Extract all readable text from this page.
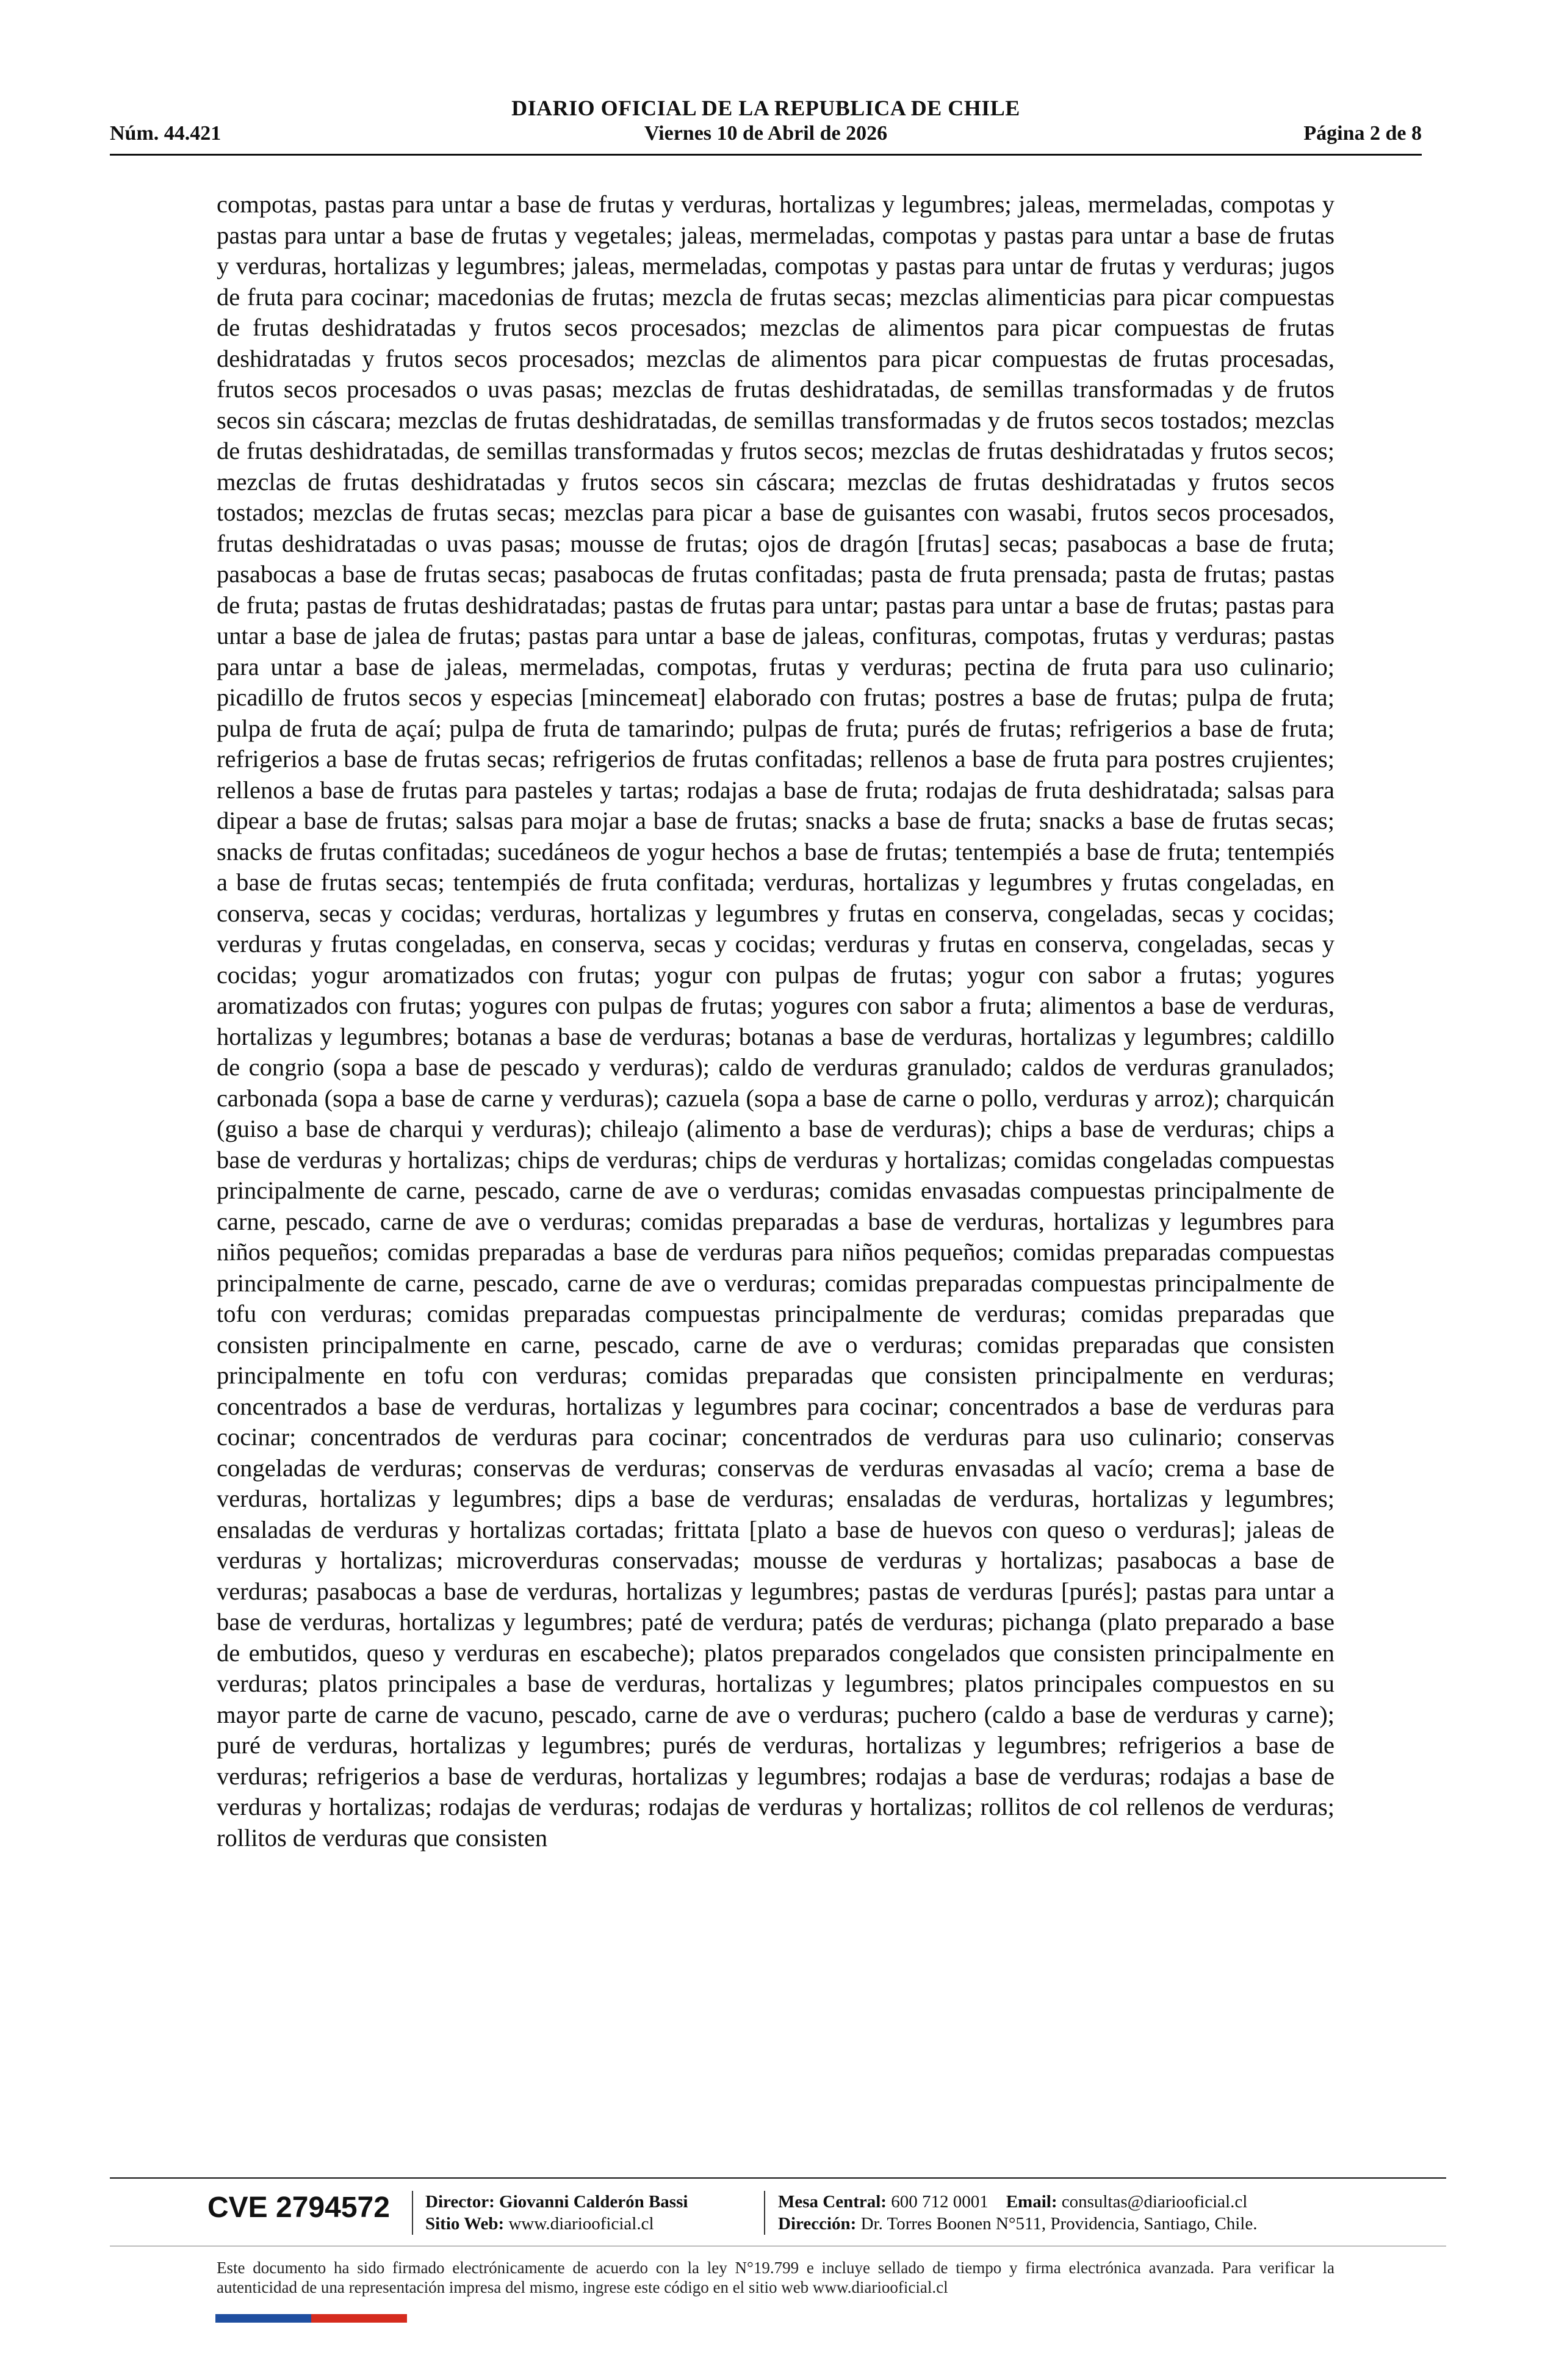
DIARIO OFICIAL DE LA REPUBLICA DE CHILE
Núm. 44.421	Viernes 10 de Abril de 2026	Página 2 de 8
compotas, pastas para untar a base de frutas y verduras, hortalizas y legumbres; jaleas, mermeladas, compotas y pastas para untar a base de frutas y vegetales; jaleas, mermeladas, compotas y pastas para untar a base de frutas y verduras, hortalizas y legumbres; jaleas, mermeladas, compotas y pastas para untar de frutas y verduras; jugos de fruta para cocinar; macedonias de frutas; mezcla de frutas secas; mezclas alimenticias para picar compuestas de frutas deshidratadas y frutos secos procesados; mezclas de alimentos para picar compuestas de frutas deshidratadas y frutos secos procesados; mezclas de alimentos para picar compuestas de frutas procesadas, frutos secos procesados o uvas pasas; mezclas de frutas deshidratadas, de semillas transformadas y de frutos secos sin cáscara; mezclas de frutas deshidratadas, de semillas transformadas y de frutos secos tostados; mezclas de frutas deshidratadas, de semillas transformadas y frutos secos; mezclas de frutas deshidratadas y frutos secos; mezclas de frutas deshidratadas y frutos secos sin cáscara; mezclas de frutas deshidratadas y frutos secos tostados; mezclas de frutas secas; mezclas para picar a base de guisantes con wasabi, frutos secos procesados, frutas deshidratadas o uvas pasas; mousse de frutas; ojos de dragón [frutas] secas; pasabocas a base de fruta; pasabocas a base de frutas secas; pasabocas de frutas confitadas; pasta de fruta prensada; pasta de frutas; pastas de fruta; pastas de frutas deshidratadas; pastas de frutas para untar; pastas para untar a base de frutas; pastas para untar a base de jalea de frutas; pastas para untar a base de jaleas, confituras, compotas, frutas y verduras; pastas para untar a base de jaleas, mermeladas, compotas, frutas y verduras; pectina de fruta para uso culinario; picadillo de frutos secos y especias [mincemeat] elaborado con frutas; postres a base de frutas; pulpa de fruta; pulpa de fruta de açaí; pulpa de fruta de tamarindo; pulpas de fruta; purés de frutas; refrigerios a base de fruta; refrigerios a base de frutas secas; refrigerios de frutas confitadas; rellenos a base de fruta para postres crujientes; rellenos a base de frutas para pasteles y tartas; rodajas a base de fruta; rodajas de fruta deshidratada; salsas para dipear a base de frutas; salsas para mojar a base de frutas; snacks a base de fruta; snacks a base de frutas secas; snacks de frutas confitadas; sucedáneos de yogur hechos a base de frutas; tentempiés a base de fruta; tentempiés a base de frutas secas; tentempiés de fruta confitada; verduras, hortalizas y legumbres y frutas congeladas, en conserva, secas y cocidas; verduras, hortalizas y legumbres y frutas en conserva, congeladas, secas y cocidas; verduras y frutas congeladas, en conserva, secas y cocidas; verduras y frutas en conserva, congeladas, secas y cocidas; yogur aromatizados con frutas; yogur con pulpas de frutas; yogur con sabor a frutas; yogures aromatizados con frutas; yogures con pulpas de frutas; yogures con sabor a fruta; alimentos a base de verduras, hortalizas y legumbres; botanas a base de verduras; botanas a base de verduras, hortalizas y legumbres; caldillo de congrio (sopa a base de pescado y verduras); caldo de verduras granulado; caldos de verduras granulados; carbonada (sopa a base de carne y verduras); cazuela (sopa a base de carne o pollo, verduras y arroz); charquicán (guiso a base de charqui y verduras); chileajo (alimento a base de verduras); chips a base de verduras; chips a base de verduras y hortalizas; chips de verduras; chips de verduras y hortalizas; comidas congeladas compuestas principalmente de carne, pescado, carne de ave o verduras; comidas envasadas compuestas principalmente de carne, pescado, carne de ave o verduras; comidas preparadas a base de verduras, hortalizas y legumbres para niños pequeños; comidas preparadas a base de verduras para niños pequeños; comidas preparadas compuestas principalmente de carne, pescado, carne de ave o verduras; comidas preparadas compuestas principalmente de tofu con verduras; comidas preparadas compuestas principalmente de verduras; comidas preparadas que consisten principalmente en carne, pescado, carne de ave o verduras; comidas preparadas que consisten principalmente en tofu con verduras; comidas preparadas que consisten principalmente en verduras; concentrados a base de verduras, hortalizas y legumbres para cocinar; concentrados a base de verduras para cocinar; concentrados de verduras para cocinar; concentrados de verduras para uso culinario; conservas congeladas de verduras; conservas de verduras; conservas de verduras envasadas al vacío; crema a base de verduras, hortalizas y legumbres; dips a base de verduras; ensaladas de verduras, hortalizas y legumbres; ensaladas de verduras y hortalizas cortadas; frittata [plato a base de huevos con queso o verduras]; jaleas de verduras y hortalizas; microverduras conservadas; mousse de verduras y hortalizas; pasabocas a base de verduras; pasabocas a base de verduras, hortalizas y legumbres; pastas de verduras [purés]; pastas para untar a base de verduras, hortalizas y legumbres; paté de verdura; patés de verduras; pichanga (plato preparado a base de embutidos, queso y verduras en escabeche); platos preparados congelados que consisten principalmente en verduras; platos principales a base de verduras, hortalizas y legumbres; platos principales compuestos en su mayor parte de carne de vacuno, pescado, carne de ave o verduras; puchero (caldo a base de verduras y carne); puré de verduras, hortalizas y legumbres; purés de verduras, hortalizas y legumbres; refrigerios a base de verduras; refrigerios a base de verduras, hortalizas y legumbres; rodajas a base de verduras; rodajas a base de verduras y hortalizas; rodajas de verduras; rodajas de verduras y hortalizas; rollitos de col rellenos de verduras; rollitos de verduras que consisten
CVE 2794572 Director: Giovanni Calderón Bassi
Sitio Web: www.diariooficial.cl
Mesa Central: 600 712 0001 Email: consultas@diariooficial.cl
Dirección: Dr. Torres Boonen N°511, Providencia, Santiago, Chile.
Este documento ha sido firmado electrónicamente de acuerdo con la ley N°19.799 e incluye sellado de tiempo y firma electrónica avanzada. Para verificar la autenticidad de una representación impresa del mismo, ingrese este código en el sitio web www.diariooficial.cl
